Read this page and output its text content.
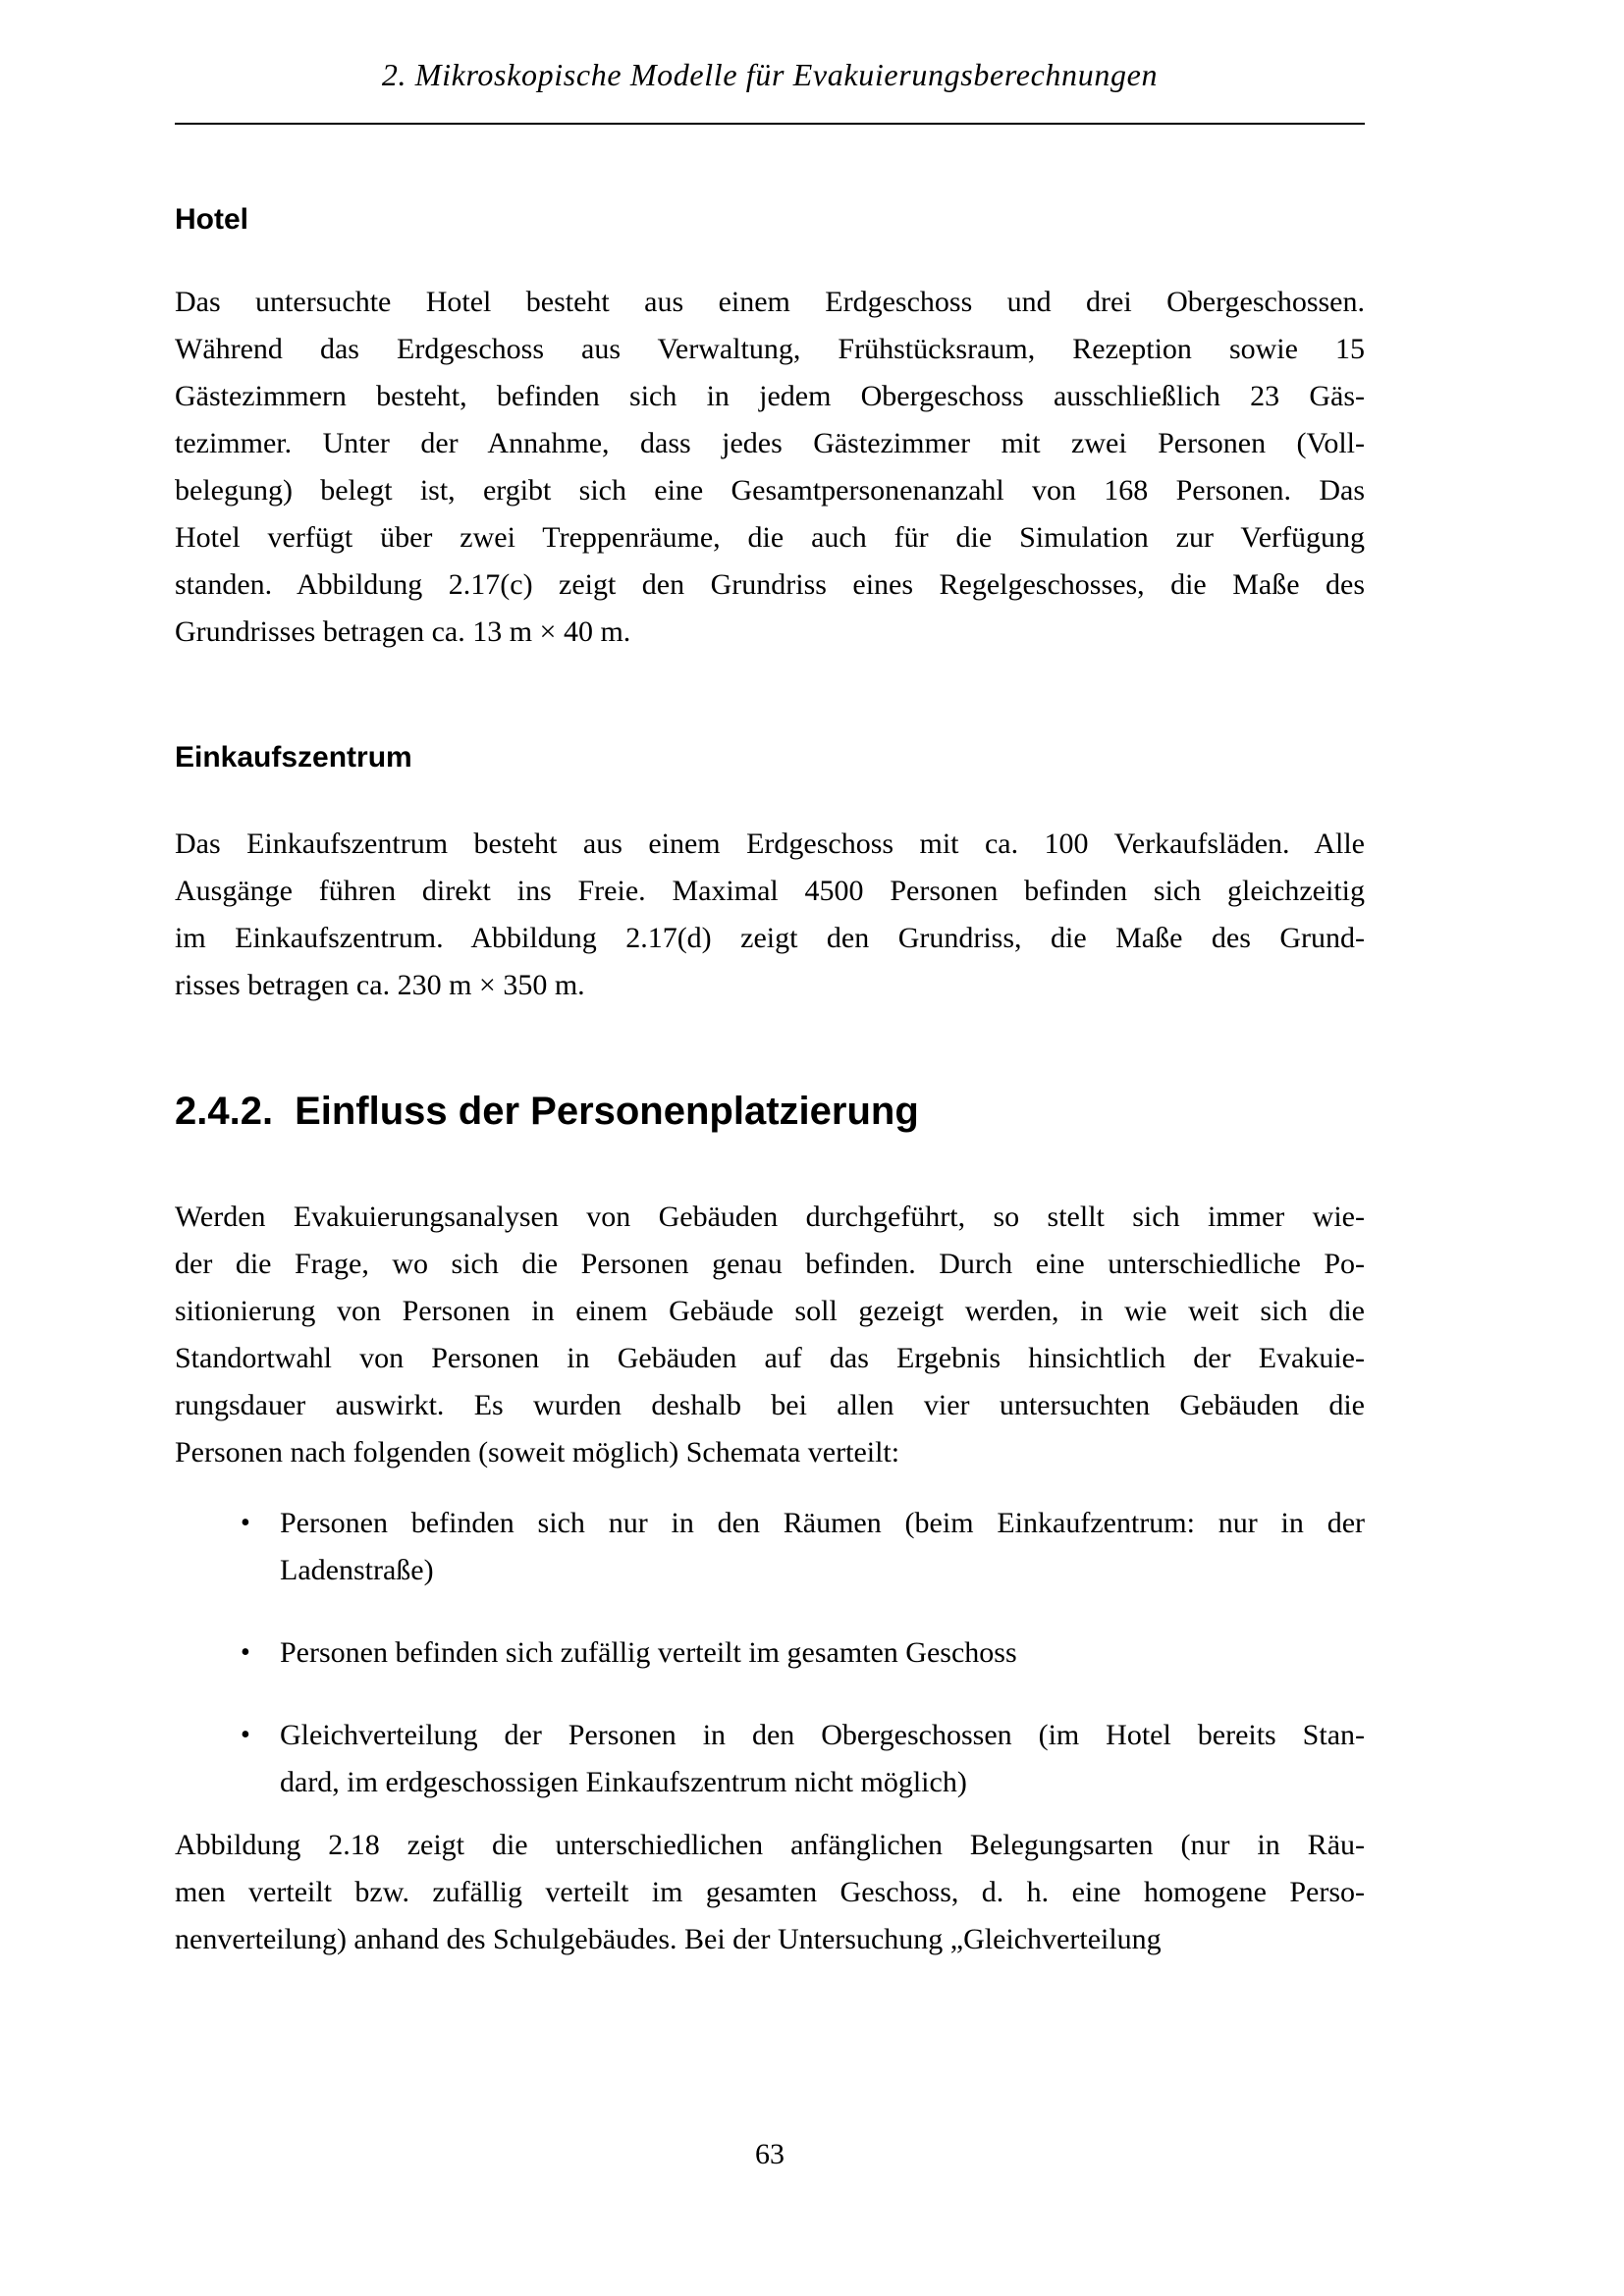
2. Mikroskopische Modelle für Evakuierungsberechnungen
Hotel
Das untersuchte Hotel besteht aus einem Erdgeschoss und drei Obergeschossen.
Während das Erdgeschoss aus Verwaltung, Frühstücksraum, Rezeption sowie 15
Gästezimmern besteht, befinden sich in jedem Obergeschoss ausschließlich 23 Gäs-
tezimmer. Unter der Annahme, dass jedes Gästezimmer mit zwei Personen (Voll-
belegung) belegt ist, ergibt sich eine Gesamtpersonenanzahl von 168 Personen. Das
Hotel verfügt über zwei Treppenräume, die auch für die Simulation zur Verfügung
standen. Abbildung 2.17(c) zeigt den Grundriss eines Regelgeschosses, die Maße des
Grundrisses betragen ca. 13 m × 40 m.
Einkaufszentrum
Das Einkaufszentrum besteht aus einem Erdgeschoss mit ca. 100 Verkaufsläden. Alle
Ausgänge führen direkt ins Freie. Maximal 4500 Personen befinden sich gleichzeitig
im Einkaufszentrum. Abbildung 2.17(d) zeigt den Grundriss, die Maße des Grund-
risses betragen ca. 230 m × 350 m.
2.4.2. Einfluss der Personenplatzierung
Werden Evakuierungsanalysen von Gebäuden durchgeführt, so stellt sich immer wie-
der die Frage, wo sich die Personen genau befinden. Durch eine unterschiedliche Po-
sitionierung von Personen in einem Gebäude soll gezeigt werden, in wie weit sich die
Standortwahl von Personen in Gebäuden auf das Ergebnis hinsichtlich der Evakuie-
rungsdauer auswirkt. Es wurden deshalb bei allen vier untersuchten Gebäuden die
Personen nach folgenden (soweit möglich) Schemata verteilt:
•	Personen befinden sich nur in den Räumen (beim Einkaufzentrum: nur in der
Ladenstraße)
•	Personen befinden sich zufällig verteilt im gesamten Geschoss
•	Gleichverteilung der Personen in den Obergeschossen (im Hotel bereits Stan-
dard, im erdgeschossigen Einkaufszentrum nicht möglich)
Abbildung 2.18 zeigt die unterschiedlichen anfänglichen Belegungsarten (nur in Räu-
men verteilt bzw. zufällig verteilt im gesamten Geschoss, d. h. eine homogene Perso-
nenverteilung) anhand des Schulgebäudes. Bei der Untersuchung „Gleichverteilung
63
